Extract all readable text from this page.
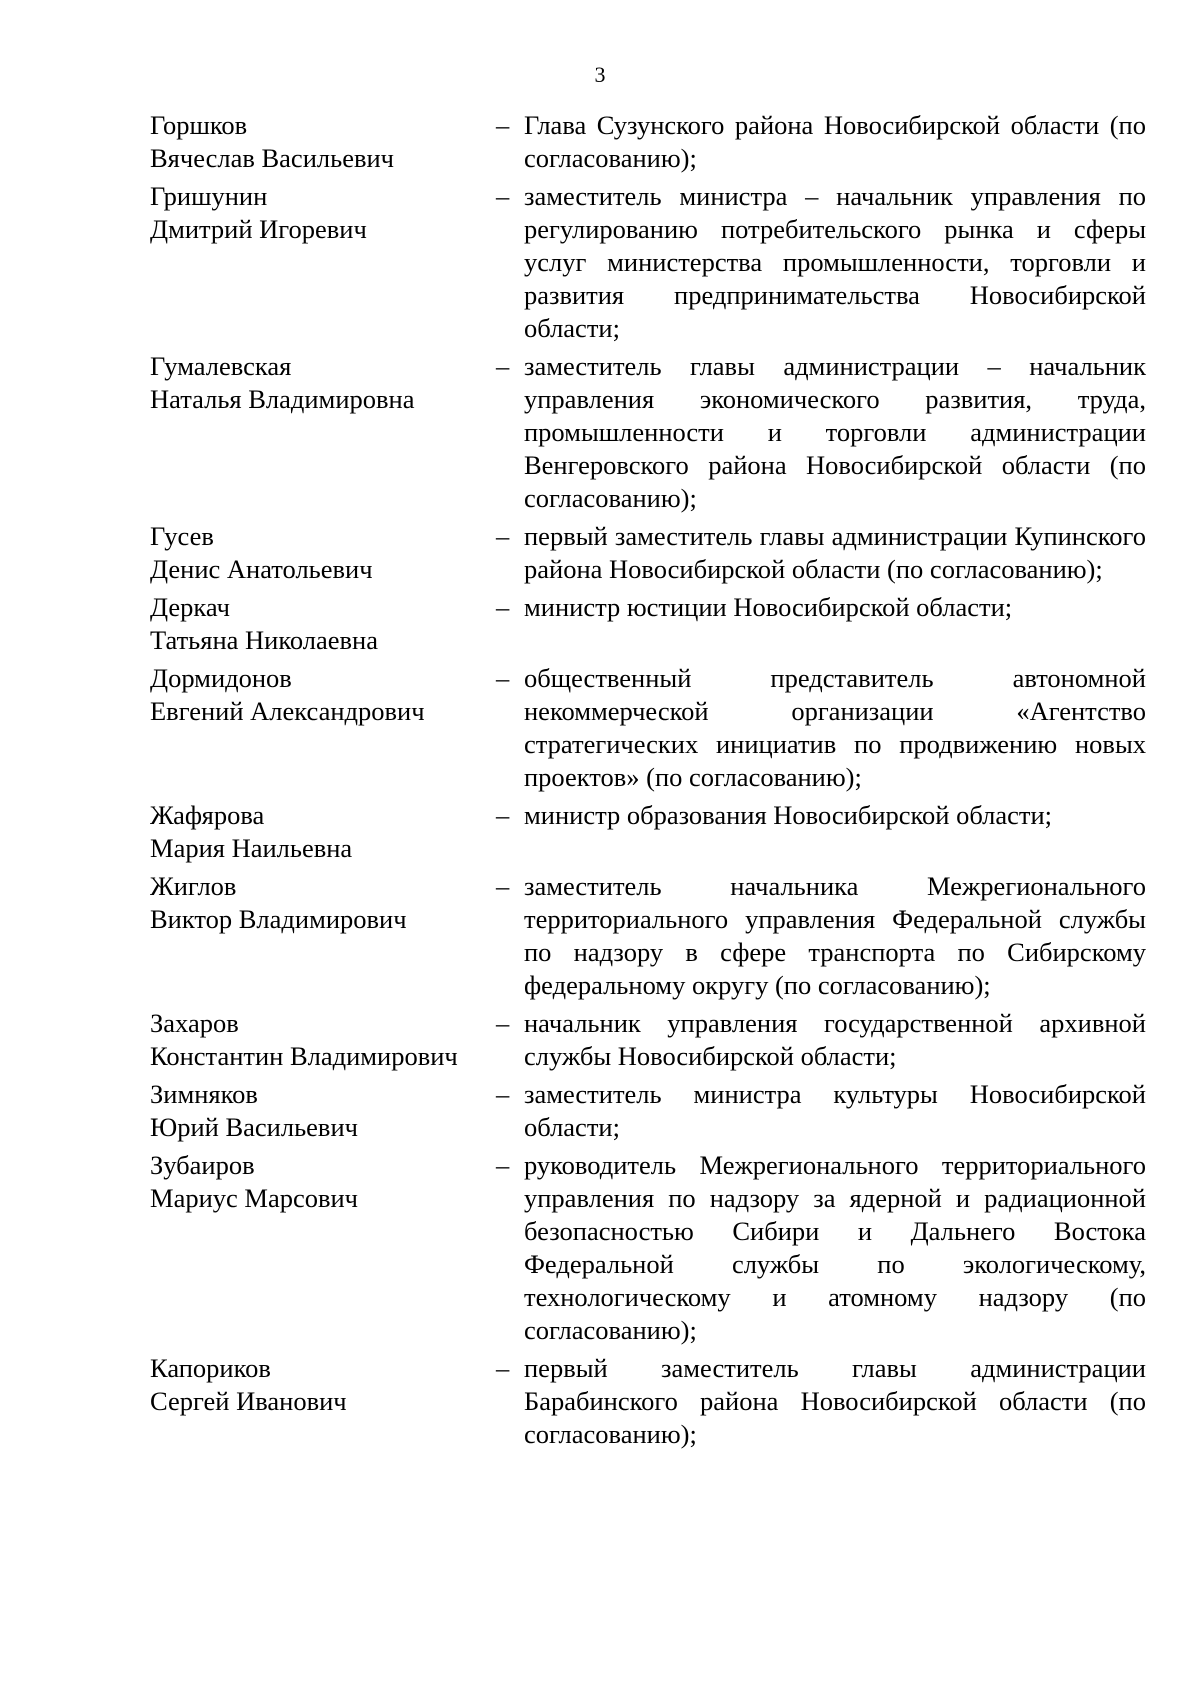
3
Горшков
Вячеслав Васильевич
– Глава Сузунского района Новосибирской области (по согласованию);
Гришунин
Дмитрий Игоревич
– заместитель министра – начальник управления по регулированию потребительского рынка и сферы услуг министерства промышленности, торговли и развития предпринимательства Новосибирской области;
Гумалевская
Наталья Владимировна
– заместитель главы администрации – начальник управления экономического развития, труда, промышленности и торговли администрации Венгеровского района Новосибирской области (по согласованию);
Гусев
Денис Анатольевич
– первый заместитель главы администрации Купинского района Новосибирской области (по согласованию);
Деркач
Татьяна Николаевна
– министр юстиции Новосибирской области;
Дормидонов
Евгений Александрович
– общественный представитель автономной некоммерческой организации «Агентство стратегических инициатив по продвижению новых проектов» (по согласованию);
Жафярова
Мария Наильевна
– министр образования Новосибирской области;
Жиглов
Виктор Владимирович
– заместитель начальника Межрегионального территориального управления Федеральной службы по надзору в сфере транспорта по Сибирскому федеральному округу (по согласованию);
Захаров
Константин Владимирович
– начальник управления государственной архивной службы Новосибирской области;
Зимняков
Юрий Васильевич
– заместитель министра культуры Новосибирской области;
Зубаиров
Мариус Марсович
– руководитель Межрегионального территориального управления по надзору за ядерной и радиационной безопасностью Сибири и Дальнего Востока Федеральной службы по экологическому, технологическому и атомному надзору (по согласованию);
Капориков
Сергей Иванович
– первый заместитель главы администрации Барабинского района Новосибирской области (по согласованию);
